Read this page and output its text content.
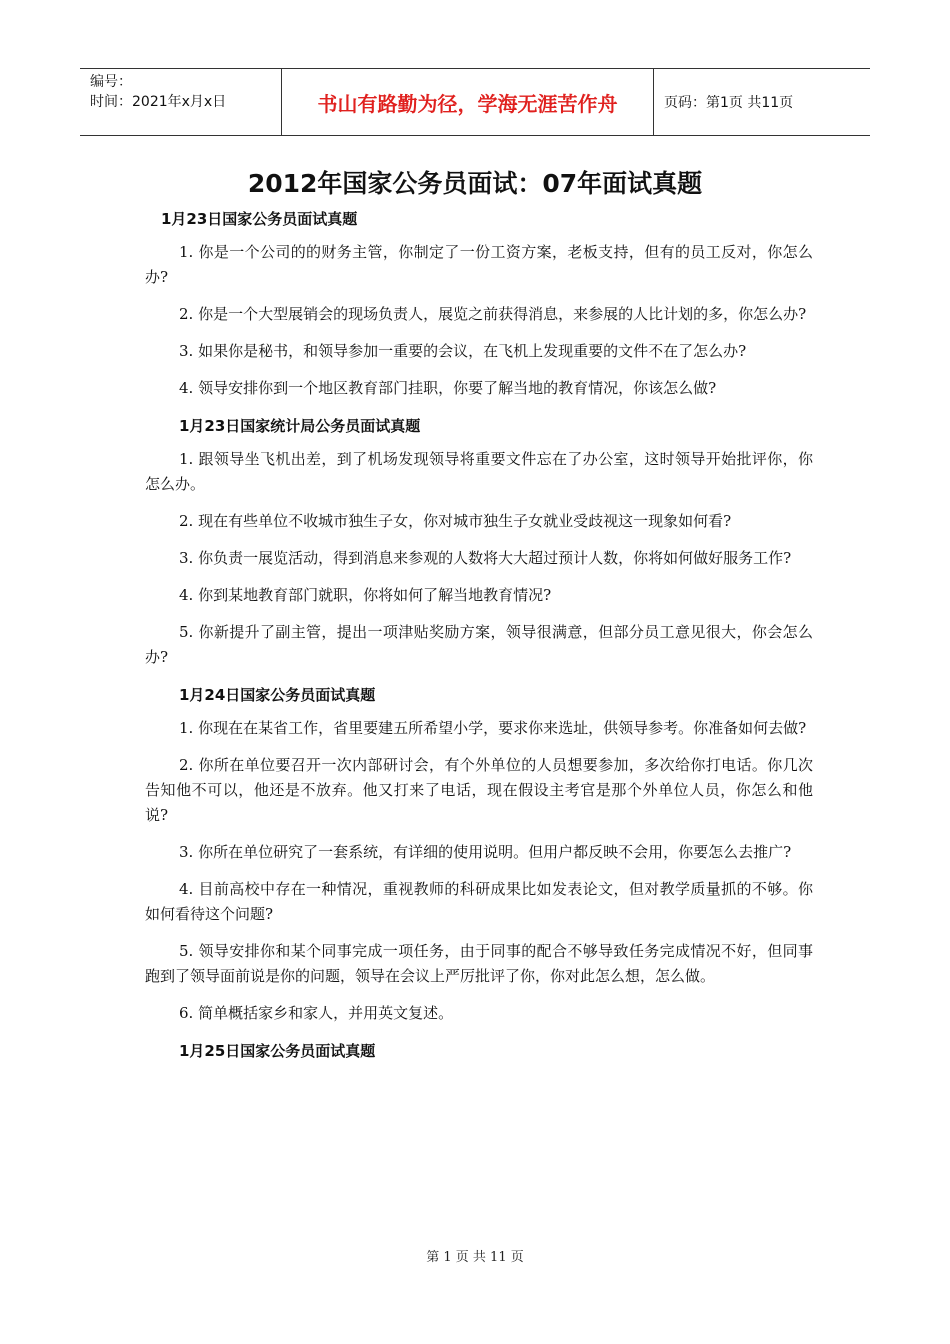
编号：
时间：2021年x月x日	书山有路勤为径，学海无涯苦作舟	页码：第1页 共11页
2012年国家公务员面试：07年面试真题
1月23日国家公务员面试真题

1. 你是一个公司的的财务主管，你制定了一份工资方案，老板支持，但有的员工反对，你怎么办?

2. 你是一个大型展销会的现场负责人，展览之前获得消息，来参展的人比计划的多，你怎么办?

3. 如果你是秘书，和领导参加一重要的会议，在飞机上发现重要的文件不在了怎么办?

4. 领导安排你到一个地区教育部门挂职，你要了解当地的教育情况，你该怎么做?

1月23日国家统计局公务员面试真题

1. 跟领导坐飞机出差，到了机场发现领导将重要文件忘在了办公室，这时领导开始批评你，你怎么办。

2. 现在有些单位不收城市独生子女，你对城市独生子女就业受歧视这一现象如何看?

3. 你负责一展览活动，得到消息来参观的人数将大大超过预计人数，你将如何做好服务工作?

4. 你到某地教育部门就职，你将如何了解当地教育情况?

5. 你新提升了副主管，提出一项津贴奖励方案，领导很满意，但部分员工意见很大，你会怎么办?

1月24日国家公务员面试真题

1. 你现在在某省工作，省里要建五所希望小学，要求你来选址，供领导参考。你准备如何去做?

2. 你所在单位要召开一次内部研讨会，有个外单位的人员想要参加，多次给你打电话。你几次告知他不可以，他还是不放弃。他又打来了电话，现在假设主考官是那个外单位人员，你怎么和他说?

3. 你所在单位研究了一套系统，有详细的使用说明。但用户都反映不会用，你要怎么去推广?

4. 目前高校中存在一种情况，重视教师的科研成果比如发表论文，但对教学质量抓的不够。你如何看待这个问题?

5. 领导安排你和某个同事完成一项任务，由于同事的配合不够导致任务完成情况不好，但同事跑到了领导面前说是你的问题，领导在会议上严厉批评了你，你对此怎么想，怎么做。

6. 简单概括家乡和家人，并用英文复述。

1月25日国家公务员面试真题
第 1 页 共 11 页
